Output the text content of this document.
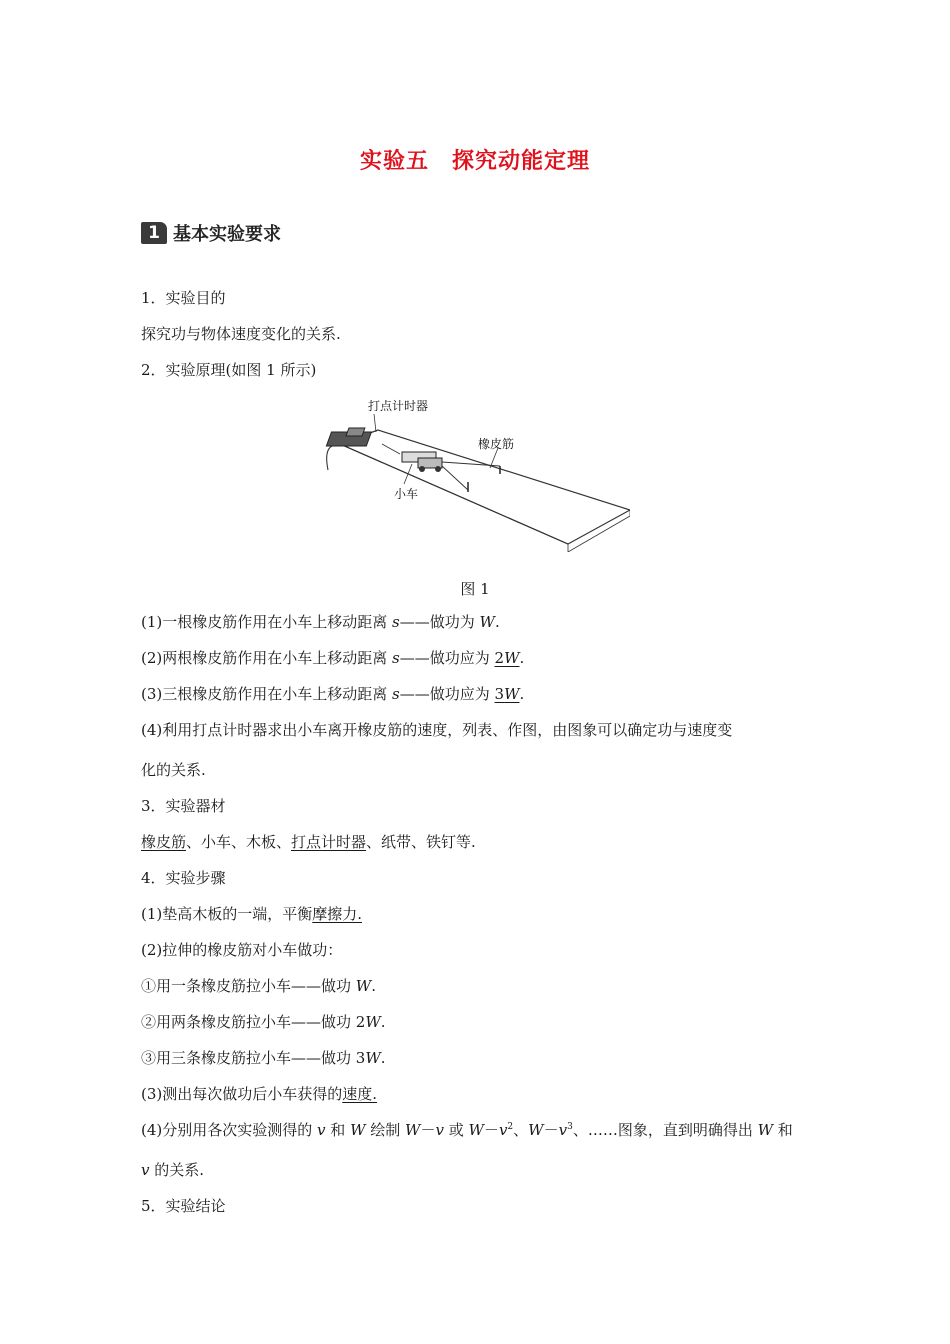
实验五　探究动能定理
1 基本实验要求
1．实验目的
探究功与物体速度变化的关系.
2．实验原理(如图 1 所示)
打点计时器
橡皮筋
小车
图 1
(1)一根橡皮筋作用在小车上移动距离 s——做功为 W.
(2)两根橡皮筋作用在小车上移动距离 s——做功应为 2W.
(3)三根橡皮筋作用在小车上移动距离 s——做功应为 3W.
(4)利用打点计时器求出小车离开橡皮筋的速度，列表、作图，由图象可以确定功与速度变
化的关系.
3．实验器材
橡皮筋、小车、木板、打点计时器、纸带、铁钉等.
4．实验步骤
(1)垫高木板的一端，平衡摩擦力.
(2)拉伸的橡皮筋对小车做功：
①用一条橡皮筋拉小车——做功 W.
②用两条橡皮筋拉小车——做功 2W.
③用三条橡皮筋拉小车——做功 3W.
(3)测出每次做功后小车获得的速度.
(4)分别用各次实验测得的 v 和 W 绘制 W－v 或 $W-v^2$、$W-v^3$、……图象，直到明确得出 W 和
v 的关系.
5．实验结论
